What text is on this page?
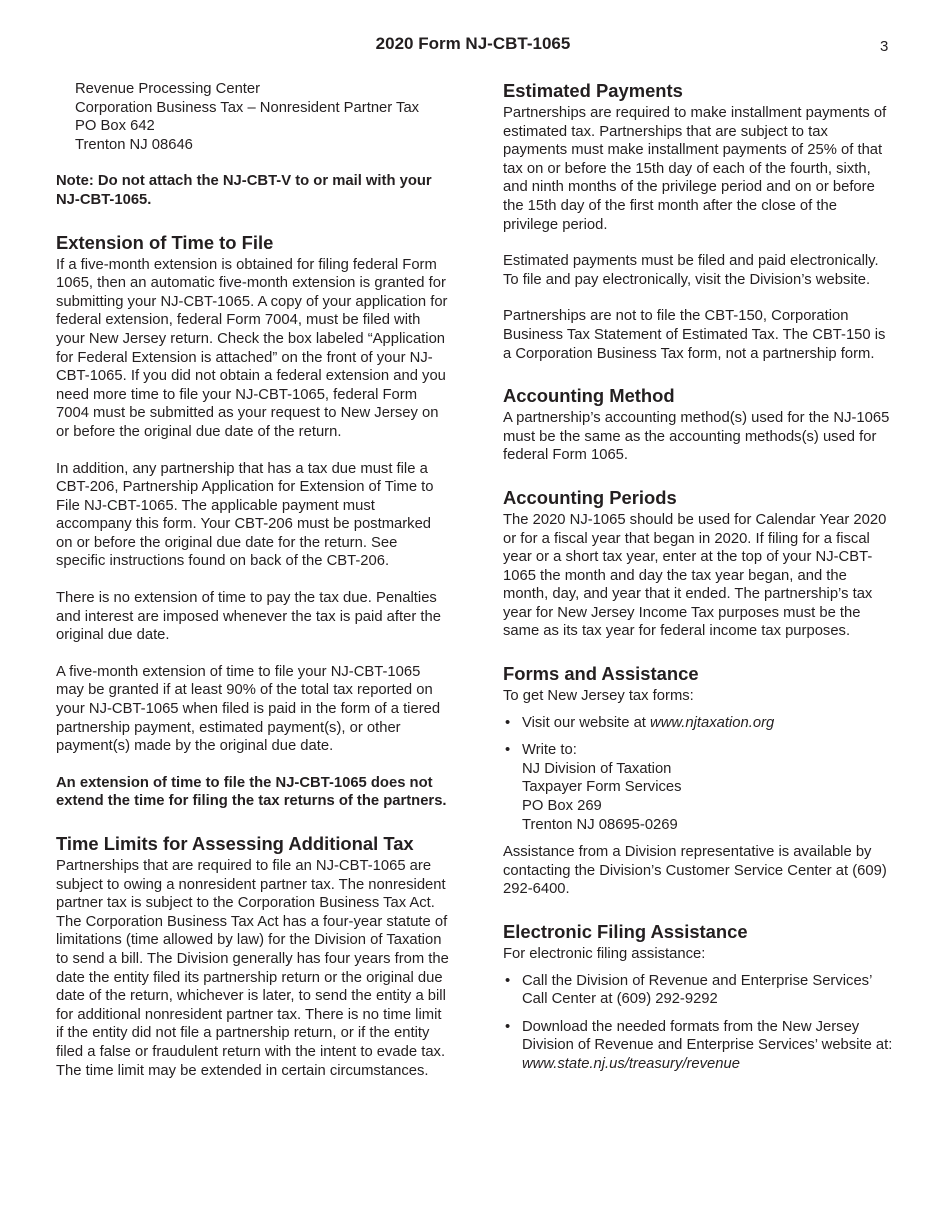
2020 Form NJ-CBT-1065	3
Revenue Processing Center
Corporation Business Tax – Nonresident Partner Tax
PO Box 642
Trenton NJ 08646

Note: Do not attach the NJ-CBT-V to or mail with your NJ-CBT-1065.

Extension of Time to File

If a five-month extension is obtained for filing federal Form 1065, then an automatic five-month extension is granted for submitting your NJ-CBT-1065. A copy of your application for federal extension, federal Form 7004, must be filed with your New Jersey return. Check the box labeled “Application for Federal Extension is attached” on the front of your NJ-CBT-1065. If you did not obtain a federal extension and you need more time to file your NJ-CBT-1065, federal Form 7004 must be submitted as your request to New Jersey on or before the original due date of the return.

In addition, any partnership that has a tax due must file a CBT-206, Partnership Application for Extension of Time to File NJ-CBT-1065. The applicable payment must accompany this form. Your CBT-206 must be postmarked on or before the original due date for the return. See specific instructions found on back of the CBT-206.

There is no extension of time to pay the tax due. Penalties and interest are imposed whenever the tax is paid after the original due date.

A five-month extension of time to file your NJ-CBT-1065 may be granted if at least 90% of the total tax reported on your NJ-CBT-1065 when filed is paid in the form of a tiered partnership payment, estimated payment(s), or other payment(s) made by the original due date.

An extension of time to file the NJ-CBT-1065 does not extend the time for filing the tax returns of the partners.

Time Limits for Assessing Additional Tax

Partnerships that are required to file an NJ-CBT-1065 are subject to owing a nonresident partner tax. The nonresident partner tax is subject to the Corporation Business Tax Act. The Corporation Business Tax Act has a four-year statute of limitations (time allowed by law) for the Division of Taxation to send a bill. The Division generally has four years from the date the entity filed its partnership return or the original due date of the return, whichever is later, to send the entity a bill for additional nonresident partner tax. There is no time limit if the entity did not file a partnership return, or if the entity filed a false or fraudulent return with the intent to evade tax. The time limit may be extended in certain circumstances.

Estimated Payments

Partnerships are required to make installment payments of estimated tax. Partnerships that are subject to tax payments must make installment payments of 25% of that tax on or before the 15th day of each of the fourth, sixth, and ninth months of the privilege period and on or before the 15th day of the first month after the close of the privilege period.

Estimated payments must be filed and paid electronically. To file and pay electronically, visit the Division’s website.

Partnerships are not to file the CBT-150, Corporation Business Tax Statement of Estimated Tax. The CBT-150 is a Corporation Business Tax form, not a partnership form.

Accounting Method

A partnership’s accounting method(s) used for the NJ-1065 must be the same as the accounting methods(s) used for federal Form 1065.

Accounting Periods

The 2020 NJ-1065 should be used for Calendar Year 2020 or for a fiscal year that began in 2020. If filing for a fiscal year or a short tax year, enter at the top of your NJ-CBT-1065 the month and day the tax year began, and the month, day, and year that it ended. The partnership’s tax year for New Jersey Income Tax purposes must be the same as its tax year for federal income tax purposes.

Forms and Assistance

To get New Jersey tax forms:

• Visit our website at www.njtaxation.org
• Write to:
NJ Division of Taxation
Taxpayer Form Services
PO Box 269
Trenton NJ 08695-0269

Assistance from a Division representative is available by contacting the Division’s Customer Service Center at (609) 292-6400.

Electronic Filing Assistance

For electronic filing assistance:

• Call the Division of Revenue and Enterprise Services’ Call Center at (609) 292-9292
• Download the needed formats from the New Jersey Division of Revenue and Enterprise Services’ website at: www.state.nj.us/treasury/revenue
